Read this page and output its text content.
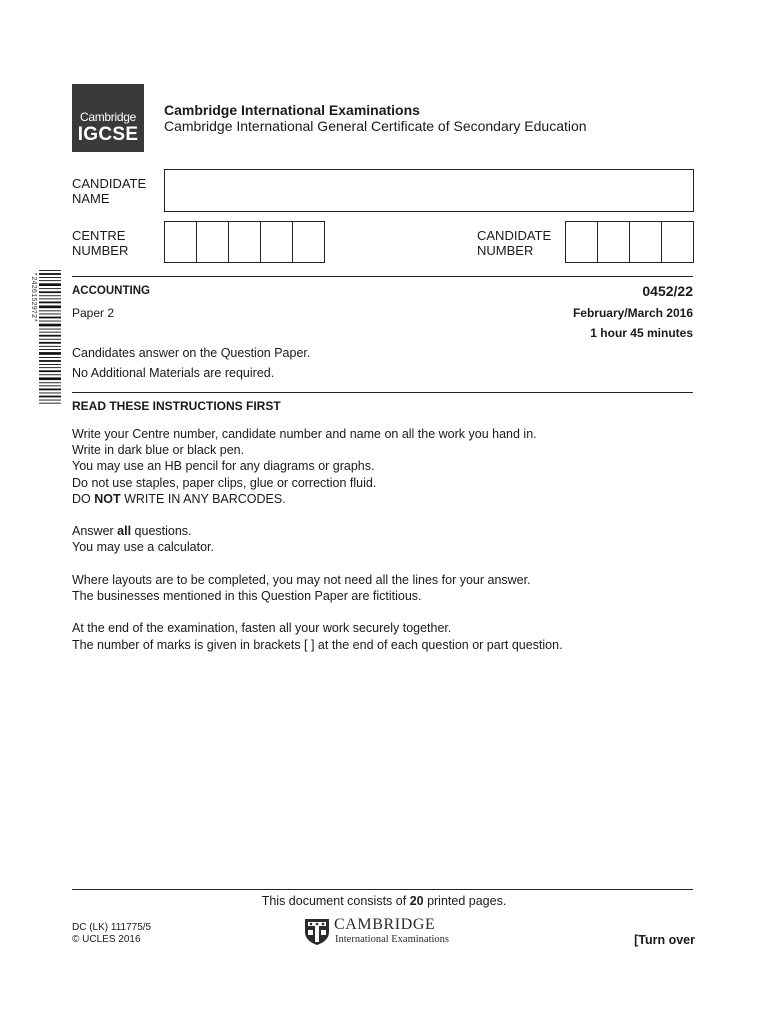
Cambridge
IGCSE
Cambridge International Examinations
Cambridge International General Certificate of Secondary Education
CANDIDATE
NAME
CENTRE
NUMBER
CANDIDATE
NUMBER
*2426152972*	ACCOUNTING	0452/22
Paper 2	February/March 2016
1 hour 45 minutes
Candidates answer on the Question Paper.
No Additional Materials are required.
READ THESE INSTRUCTIONS FIRST

Write your Centre number, candidate number and name on all the work you hand in.

Write in dark blue or black pen.

You may use an HB pencil for any diagrams or graphs.

Do not use staples, paper clips, glue or correction fluid.

DO NOT WRITE IN ANY BARCODES.

Answer all questions.

You may use a calculator.

Where layouts are to be completed, you may not need all the lines for your answer.

The businesses mentioned in this Question Paper are fictitious.

At the end of the examination, fasten all your work securely together.

The number of marks is given in brackets [ ] at the end of each question or part question.

This document consists of 20 printed pages.
DC (LK) 111775/5
© UCLES 2016
CAMBRIDGE
International Examinations	[Turn over
